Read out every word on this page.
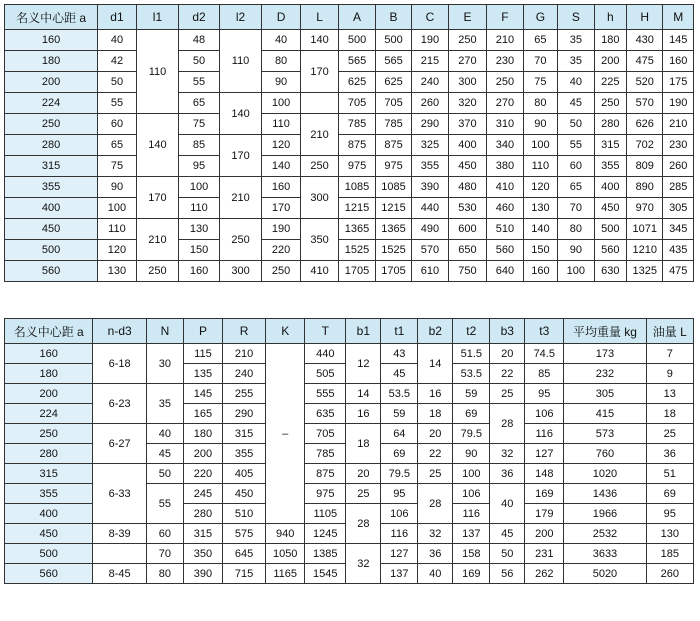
名义中心距 a	d1	l1	d2	l2	D	L	A	B	C	E	F	G	S	h	H	M
160	40	110	48	110	40	140	500	500	190	250	210	65	35	180	430	145
180	42		50		80	170	565	565	215	270	230	70	35	200	475	160
200	50		55		90		625	625	240	300	250	75	40	225	520	175
224	55		65	140	100		705	705	260	320	270	80	45	250	570	190
250	60	140	75		110	210	785	785	290	370	310	90	50	280	626	210
280	65		85	170	120		875	875	325	400	340	100	55	315	702	230
315	75		95		140	250	975	975	355	450	380	110	60	355	809	260
355	90	170	100	210	160	300	1085	1085	390	480	410	120	65	400	890	285
400	100		110		170		1215	1215	440	530	460	130	70	450	970	305
450	110	210	130	250	190	350	1365	1365	490	600	510	140	80	500	1071	345
500	120		150		220		1525	1525	570	650	560	150	90	560	1210	435
560	130	250	160	300	250	410	1705	1705	610	750	640	160	100	630	1325	475
名义中心距 a	n-d3	N	P	R	K	T	b1	t1	b2	t2	b3	t3	平均重量 kg	油量 L
160	6-18	30	115	210	–	440	12	43	14	51.5	20	74.5	173	7
180			135	240		505		45		53.5	22	85	232	9
200	6-23	35	145	255		555	14	53.5	16	59	25	95	305	13
224			165	290		635	16	59	18	69	28	106	415	18
250	6-27	40	180	315		705	18	64	20	79.5		116	573	25
280		45	200	355		785		69	22	90	32	127	760	36
315	6-33	50	220	405		875	20	79.5	25	100	36	148	1020	51
355		55	245	450		975	25	95	28	106	40	169	1436	69
400			280	510		1105	28	106		116		179	1966	95
450	8-39	60	315	575	940	1245		116	32	137	45	200	2532	130
500		70	350	645	1050	1385	32	127	36	158	50	231	3633	185
560	8-45	80	390	715	1165	1545		137	40	169	56	262	5020	260
